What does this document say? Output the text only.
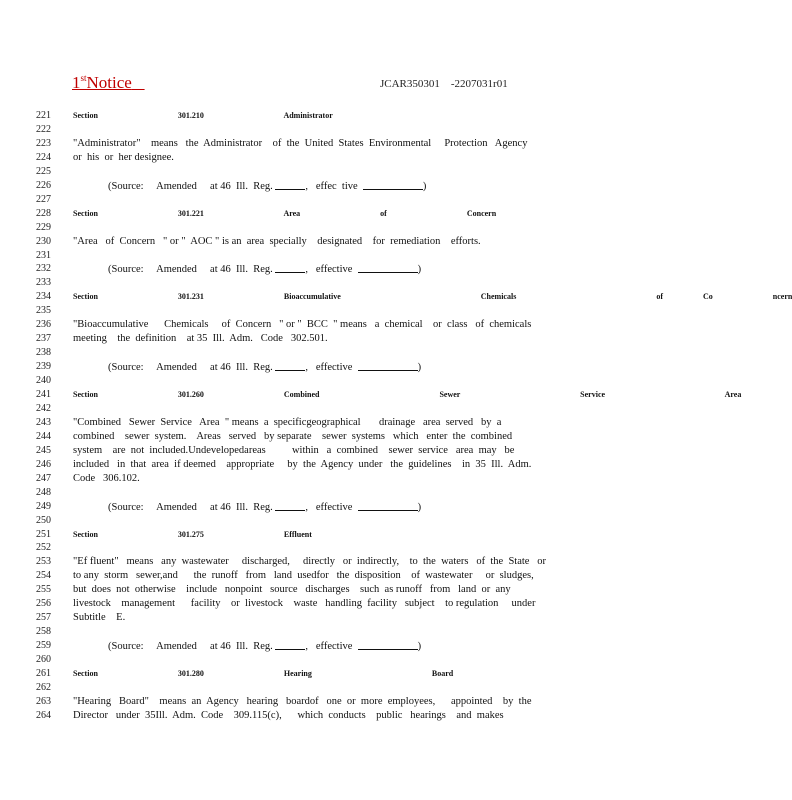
1stNotice	JCAR350301    -2207031r01
221	Section    301.210    Administrator
222
223 "Administrator"    means   the  Administrator    of  the  United  States  Environmental     Protection   Agency
224 or  his  or  her designee.
225
226	(Source:     Amended     at 46  Ill.  Reg.	,   effec  tive	)
227
228	Section    301.221    Area    of    Concern
229
230 "Area   of  Concern   " or "  AOC " is an  area  specially    designated    for  remediation    efforts.
231
232	(Source:     Amended     at 46  Ill.  Reg.	,   effective	)
233
234	Section    301.231    Bioaccumulative       Chemicals       of  Co   ncern
235
236 "Bioaccumulative      Chemicals     of  Concern   " or "  BCC  " means   a  chemical    or  class   of  chemicals
237 meeting    the  definition    at 35  Ill.  Adm.   Code   302.501.
238
239	(Source:     Amended     at 46  Ill.  Reg.	,   effective	)
240
241	Section    301.260    Combined      Sewer      Service      Area
242
243 "Combined   Sewer  Service   Area  " means  a  specificgeographical       drainage   area  served   by  a
244 combined    sewer  system.    Areas   served   by separate    sewer  systems   which   enter  the  combined
245 system    are  not  included.Undevelopedareas          within   a  combined    sewer  service   area  may   be
246 included   in  that  area  if deemed    appropriate     by  the  Agency  under   the  guidelines    in  35  Ill.  Adm.
247 Code   306.102.
248
249	(Source:     Amended     at 46  Ill.  Reg.	,   effective	)
250
251	Section    301.275    Effluent
252
253 "Ef fluent"   means   any  wastewater     discharged,     directly   or  indirectly,    to  the  waters   of  the  State   or
254 to any  storm   sewer,and      the  runoff   from   land  usedfor   the  disposition    of  wastewater     or  sludges,
255 but  does  not  otherwise    include   nonpoint   source   discharges    such  as runoff   from   land  or  any
256 livestock    management      facility    or  livestock    waste   handling  facility   subject    to regulation     under
257 Subtitle    E.
258
259	(Source:     Amended     at 46  Ill.  Reg.	,   effective	)
260
261	Section    301.280    Hearing      Board
262
263 "Hearing   Board"    means  an  Agency   hearing   boardof   one  or  more  employees,      appointed    by  the
264 Director   under  35Ill.  Adm.  Code    309.115(c),      which  conducts    public   hearings    and  makes
